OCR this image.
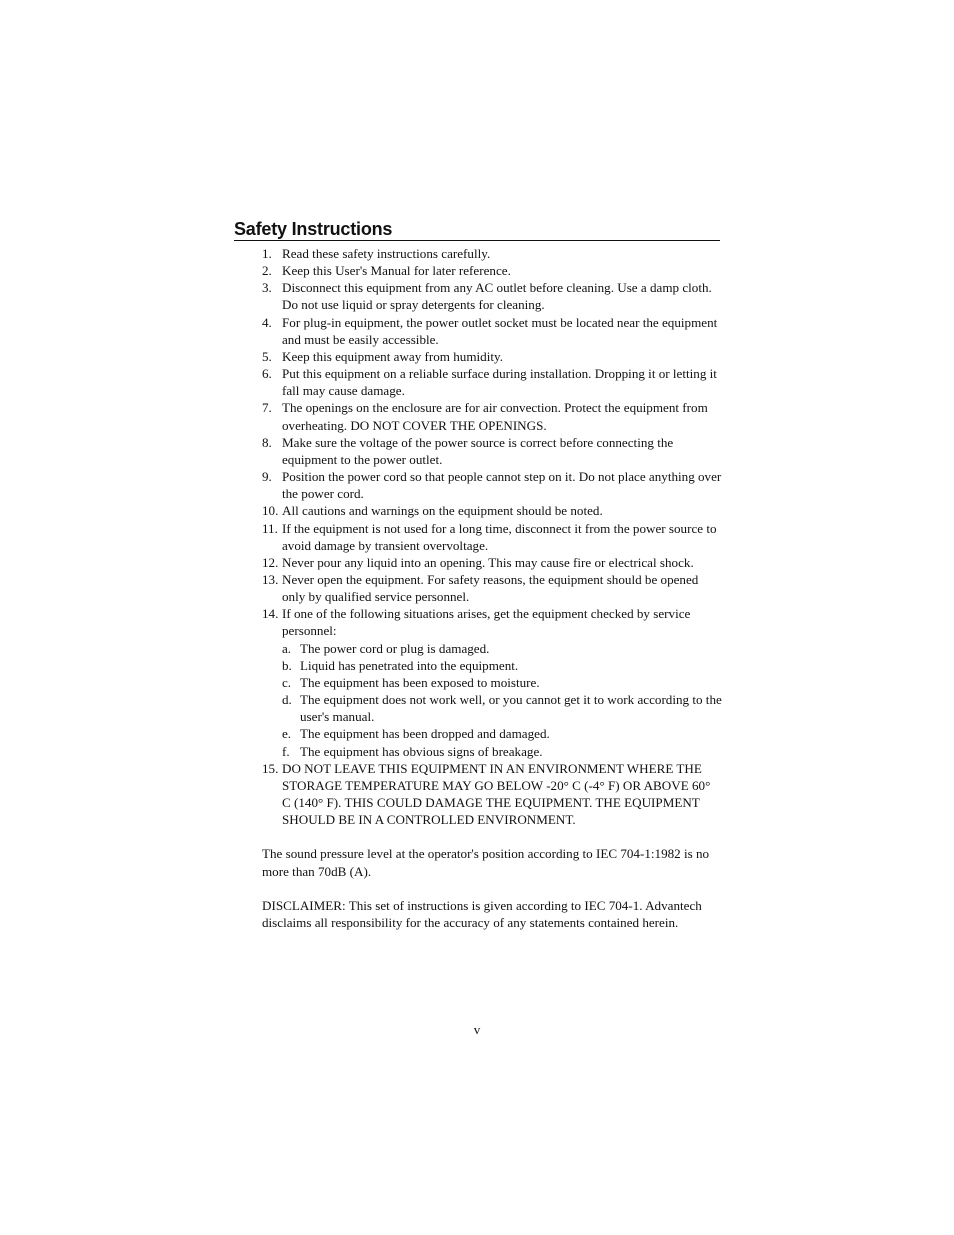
Safety Instructions
1. Read these safety instructions carefully.
2. Keep this User's Manual for later reference.
3. Disconnect this equipment from any AC outlet before cleaning. Use a damp cloth. Do not use liquid or spray detergents for cleaning.
4. For plug-in equipment, the power outlet socket must be located near the equipment and must be easily accessible.
5. Keep this equipment away from humidity.
6. Put this equipment on a reliable surface during installation. Dropping it or letting it fall may cause damage.
7. The openings on the enclosure are for air convection. Protect the equipment from overheating. DO NOT COVER THE OPENINGS.
8. Make sure the voltage of the power source is correct before connecting the equipment to the power outlet.
9. Position the power cord so that people cannot step on it. Do not place anything over the power cord.
10. All cautions and warnings on the equipment should be noted.
11. If the equipment is not used for a long time, disconnect it from the power source to avoid damage by transient overvoltage.
12. Never pour any liquid into an opening. This may cause fire or electrical shock.
13. Never open the equipment. For safety reasons, the equipment should be opened only by qualified service personnel.
14. If one of the following situations arises, get the equipment checked by service personnel:
a. The power cord or plug is damaged.
b. Liquid has penetrated into the equipment.
c. The equipment has been exposed to moisture.
d. The equipment does not work well, or you cannot get it to work according to the user's manual.
e. The equipment has been dropped and damaged.
f. The equipment has obvious signs of breakage.
15. DO NOT LEAVE THIS EQUIPMENT IN AN ENVIRONMENT WHERE THE STORAGE TEMPERATURE MAY GO BELOW -20° C (-4° F) OR ABOVE 60° C (140° F). THIS COULD DAMAGE THE EQUIPMENT. THE EQUIPMENT SHOULD BE IN A CONTROLLED ENVIRONMENT.

The sound pressure level at the operator's position according to IEC 704-1:1982 is no more than 70dB (A).

DISCLAIMER: This set of instructions is given according to IEC 704-1. Advantech disclaims all responsibility for the accuracy of any statements contained herein.

v
